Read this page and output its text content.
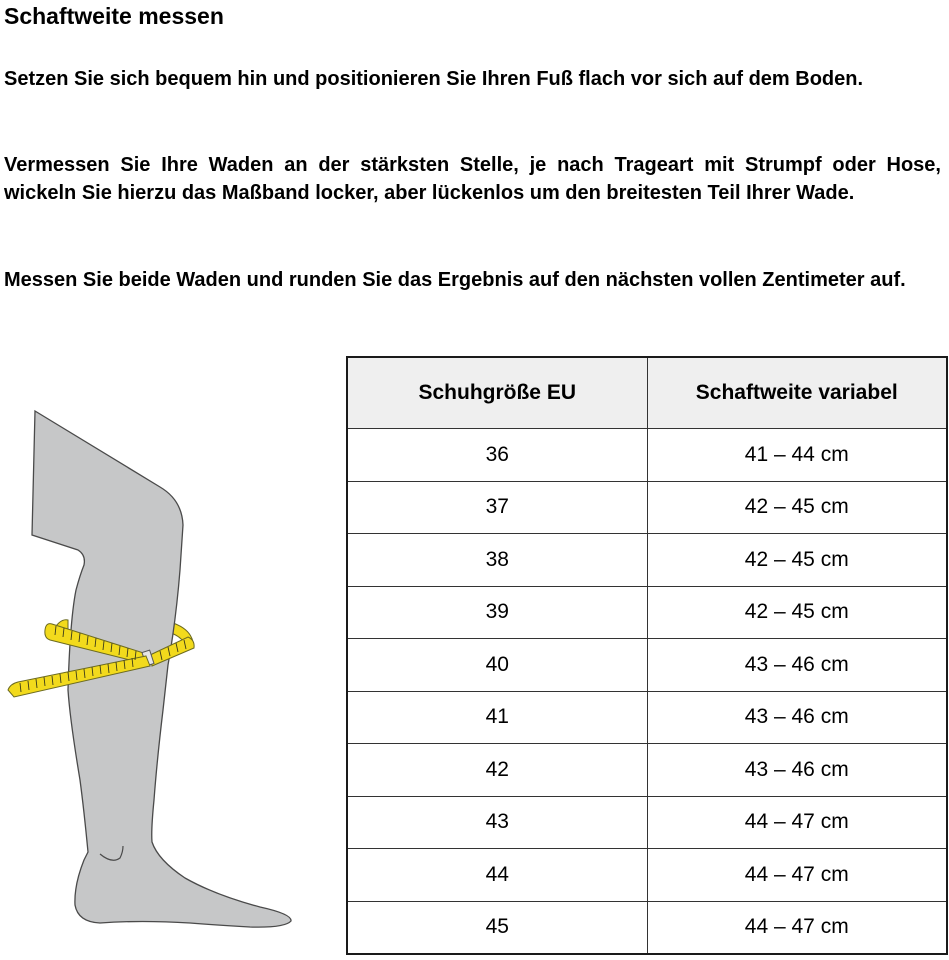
Schaftweite messen

Setzen Sie sich bequem hin und positionieren Sie Ihren Fuß flach vor sich auf dem Boden.

Vermessen Sie Ihre Waden an der stärksten Stelle, je nach Trageart mit Strumpf oder Hose, wickeln Sie hierzu das Maßband locker, aber lückenlos um den breitesten Teil Ihrer Wade.

Messen Sie beide Waden und runden Sie das Ergebnis auf den nächsten vollen Zentimeter auf.

Schuhgröße EU	Schaftweite variabel
36	41 – 44 cm
37	42 – 45 cm
38	42 – 45 cm
39	42 – 45 cm
40	43 – 46 cm
41	43 – 46 cm
42	43 – 46 cm
43	44 – 47 cm
44	44 – 47 cm
45	44 – 47 cm
